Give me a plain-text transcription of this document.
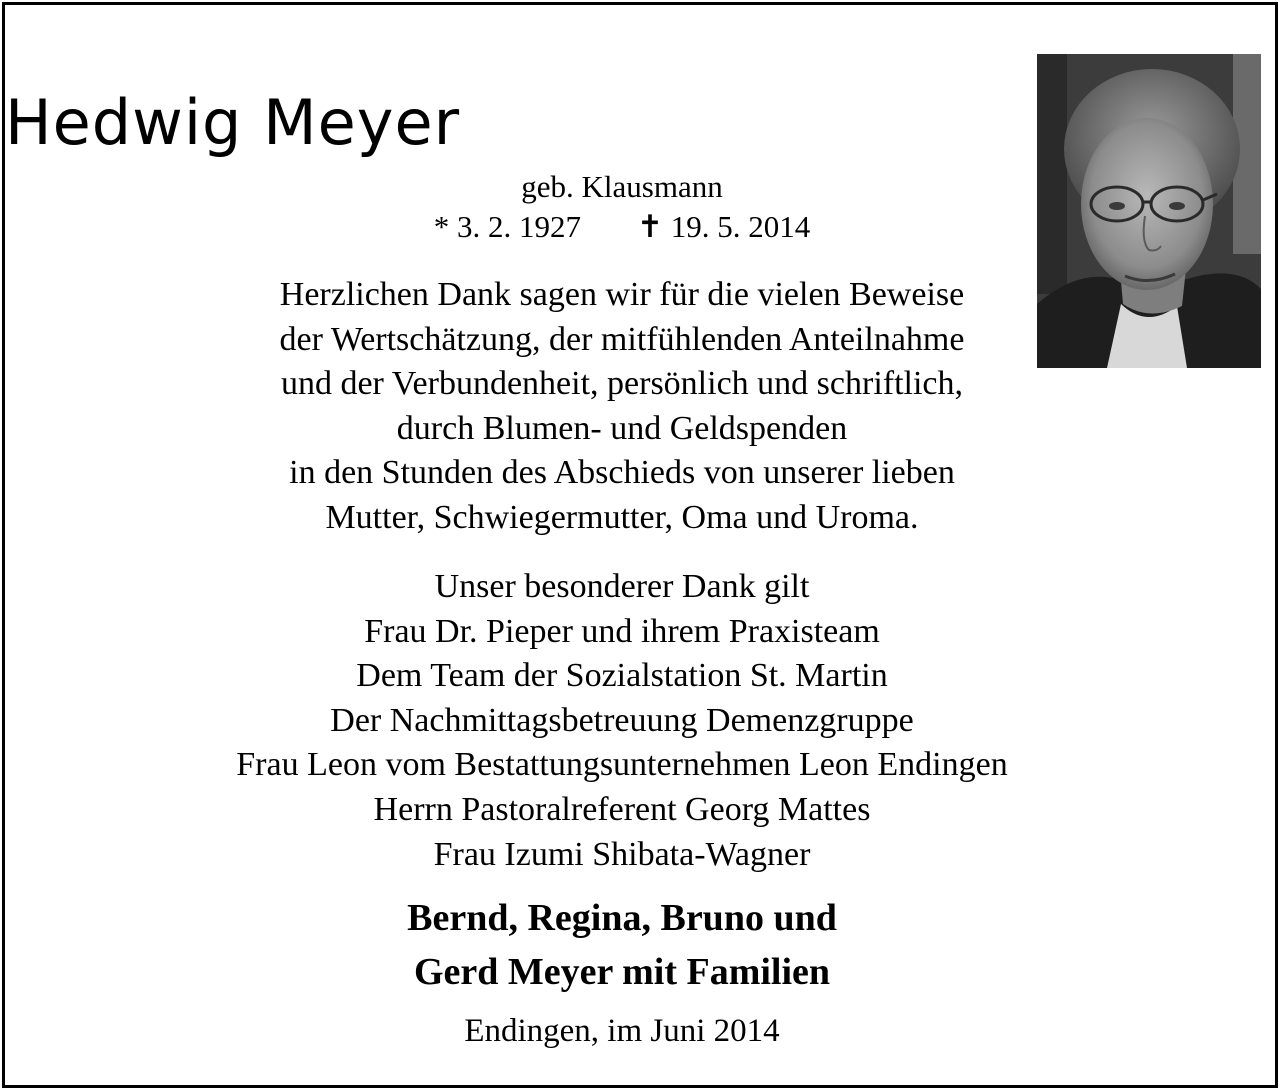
Hedwig Meyer
geb. Klausmann
* 3. 2. 1927 ✝ 19. 5. 2014
Herzlichen Dank sagen wir für die vielen Beweise
der Wertschätzung, der mitfühlenden Anteilnahme
und der Verbundenheit, persönlich und schriftlich,
durch Blumen- und Geldspenden
in den Stunden des Abschieds von unserer lieben
Mutter, Schwiegermutter, Oma und Uroma.
Unser besonderer Dank gilt
Frau Dr. Pieper und ihrem Praxisteam
Dem Team der Sozialstation St. Martin
Der Nachmittagsbetreuung Demenzgruppe
Frau Leon vom Bestattungsunternehmen Leon Endingen
Herrn Pastoralreferent Georg Mattes
Frau Izumi Shibata-Wagner
Bernd, Regina, Bruno und
Gerd Meyer mit Familien
Endingen, im Juni 2014
